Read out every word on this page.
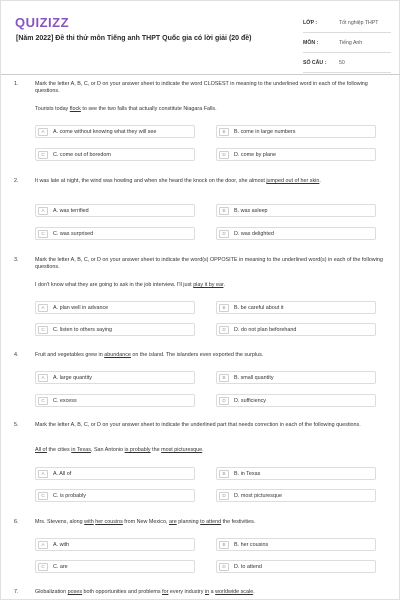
QUIZIZZ
[Năm 2022] Đề thi thử môn Tiếng anh THPT Quốc gia có lời giải (20 đề)
LỚP :	Tốt nghiệp THPT
MÔN :	Tiếng Anh
SỐ CÂU :	50
1.	Mark the letter A, B, C, or D on your answer sheet to indicate the word CLOSEST in meaning to the underlined word in each of the following questions.
Tourists today flock to see the two falls that actually constitute Niagara Falls.
A	A. come without knowing what they will see	B	B. come in large numbers
C	C. come out of boredom	D	D. come by plane
2.	It was late at night, the wind was howling and when she heard the knock on the door, she almost jumped out of her skin.
A	A. was terrified	B	B. was asleep
C	C. was surprised	D	D. was delighted
3.	Mark the letter A, B, C, or D on your answer sheet to indicate the word(s) OPPOSITE in meaning to the underlined word(s) in each of the following questions.
I don't know what they are going to ask in the job interview. I'll just play it by ear.
A	A. plan well in advance	B	B. be careful about it
C	C. listen to others saying	D	D. do not plan beforehand
4.	Fruit and vegetables grew in abundance on the island. The islanders even exported the surplus.
A	A. large quantity	B	B. small quantity
C	C. excess	D	D. sufficiency
5.	Mark the letter A, B, C, or D on your answer sheet to indicate the underlined part that needs correction in each of the following questions.
All of the cities in Texas, San Antonio is probably the most picturesque.
A	A. All of	B	B. in Texas
C	C. is probably	D	D. most picturesque
6.	Mrs. Stevens, along with her cousins from New Mexico, are planning to attend the festivities.
A	A. with	B	B. her cousins
C	C. are	D	D. to attend
7.	Globalization poses both opportunities and problems for every industry in a worldwide scale.
